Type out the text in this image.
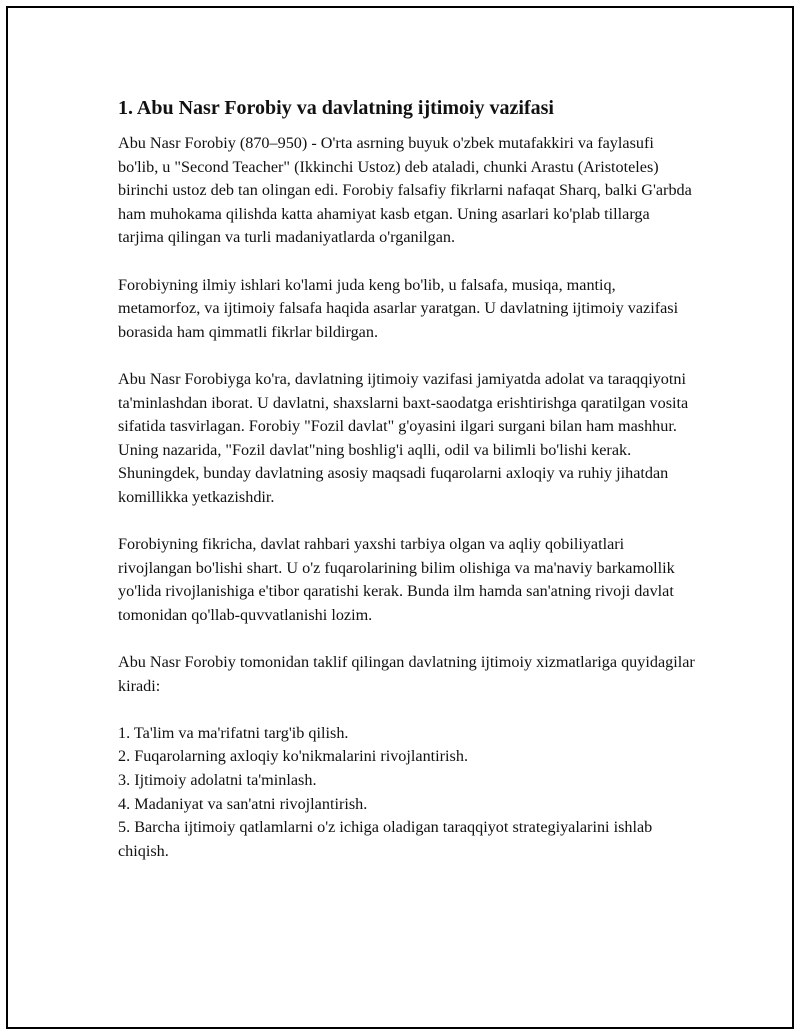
1. Abu Nasr Forobiy va davlatning ijtimoiy vazifasi

Abu Nasr Forobiy (870–950) - O'rta asrning buyuk o'zbek mutafakkiri va faylasufi bo'lib, u "Second Teacher" (Ikkinchi Ustoz) deb ataladi, chunki Arastu (Aristoteles) birinchi ustoz deb tan olingan edi. Forobiy falsafiy fikrlarni nafaqat Sharq, balki G'arbda ham muhokama qilishda katta ahamiyat kasb etgan. Uning asarlari ko'plab tillarga tarjima qilingan va turli madaniyatlarda o'rganilgan.

Forobiyning ilmiy ishlari ko'lami juda keng bo'lib, u falsafa, musiqa, mantiq, metamorfoz, va ijtimoiy falsafa haqida asarlar yaratgan. U davlatning ijtimoiy vazifasi borasida ham qimmatli fikrlar bildirgan.

Abu Nasr Forobiyga ko'ra, davlatning ijtimoiy vazifasi jamiyatda adolat va taraqqiyotni ta'minlashdan iborat. U davlatni, shaxslarni baxt-saodatga erishtirishga qaratilgan vosita sifatida tasvirlagan. Forobiy "Fozil davlat" g'oyasini ilgari surgani bilan ham mashhur. Uning nazarida, "Fozil davlat"ning boshlig'i aqlli, odil va bilimli bo'lishi kerak. Shuningdek, bunday davlatning asosiy maqsadi fuqarolarni axloqiy va ruhiy jihatdan komillikka yetkazishdir.

Forobiyning fikricha, davlat rahbari yaxshi tarbiya olgan va aqliy qobiliyatlari rivojlangan bo'lishi shart. U o'z fuqarolarining bilim olishiga va ma'naviy barkamollik yo'lida rivojlanishiga e'tibor qaratishi kerak. Bunda ilm hamda san'atning rivoji davlat tomonidan qo'llab-quvvatlanishi lozim.

Abu Nasr Forobiy tomonidan taklif qilingan davlatning ijtimoiy xizmatlariga quyidagilar kiradi:

1. Ta'lim va ma'rifatni targ'ib qilish.
2. Fuqarolarning axloqiy ko'nikmalarini rivojlantirish.
3. Ijtimoiy adolatni ta'minlash.
4. Madaniyat va san'atni rivojlantirish.
5. Barcha ijtimoiy qatlamlarni o'z ichiga oladigan taraqqiyot strategiyalarini ishlab chiqish.
